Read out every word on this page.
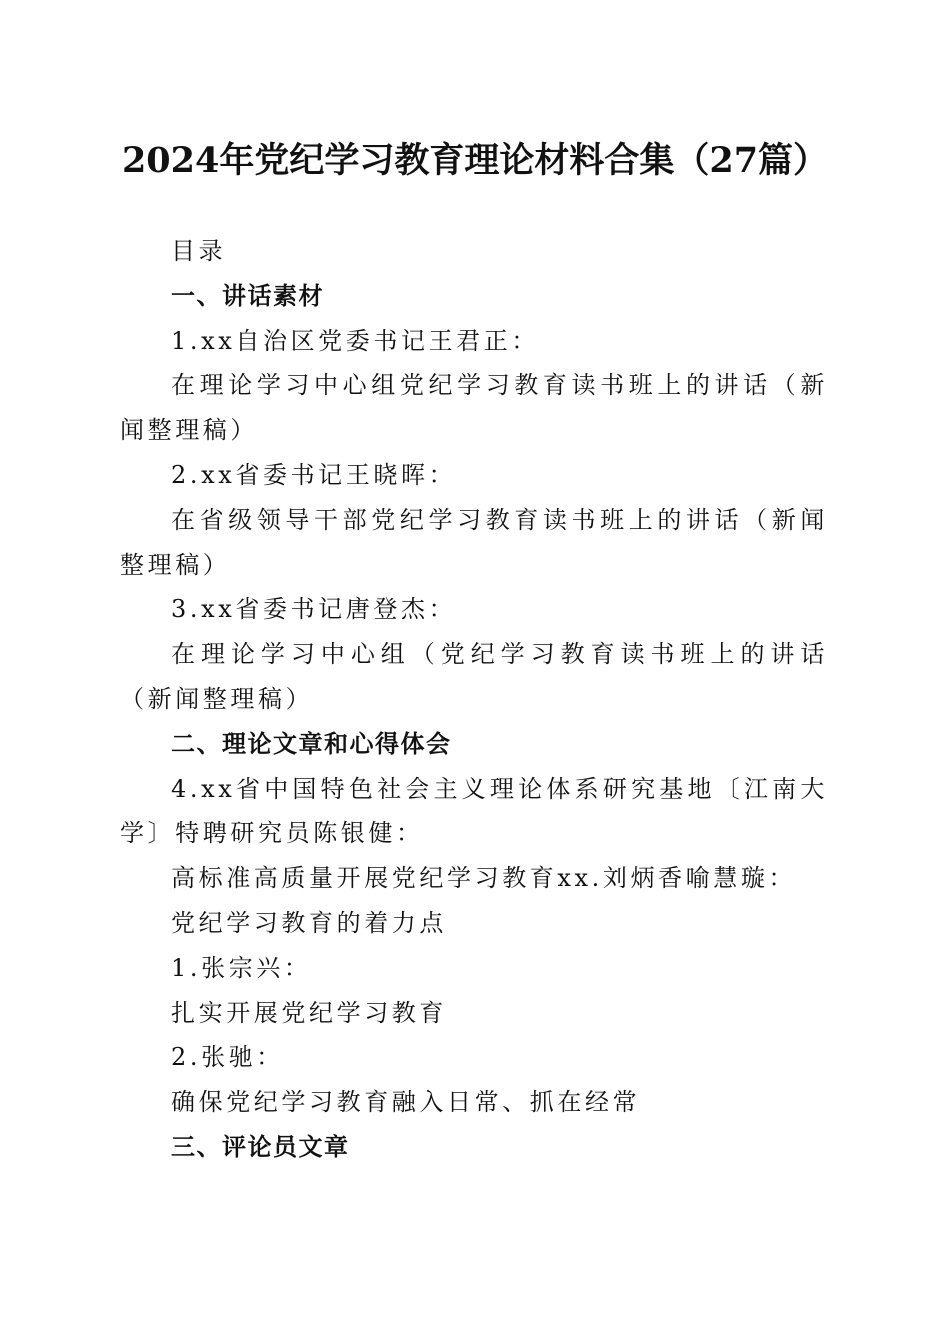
2024年党纪学习教育理论材料合集（27篇）
目录
一、讲话素材
1.xx自治区党委书记王君正：
在理论学习中心组党纪学习教育读书班上的讲话（新闻整理稿）
2.xx省委书记王晓晖：
在省级领导干部党纪学习教育读书班上的讲话（新闻整理稿）
3.xx省委书记唐登杰：
在理论学习中心组（党纪学习教育读书班上的讲话（新闻整理稿）
二、理论文章和心得体会
4.xx省中国特色社会主义理论体系研究基地〔江南大学〕特聘研究员陈银健：
高标准高质量开展党纪学习教育xx.刘炳香喻慧璇：
党纪学习教育的着力点
1.张宗兴：
扎实开展党纪学习教育
2.张驰：
确保党纪学习教育融入日常、抓在经常
三、评论员文章
